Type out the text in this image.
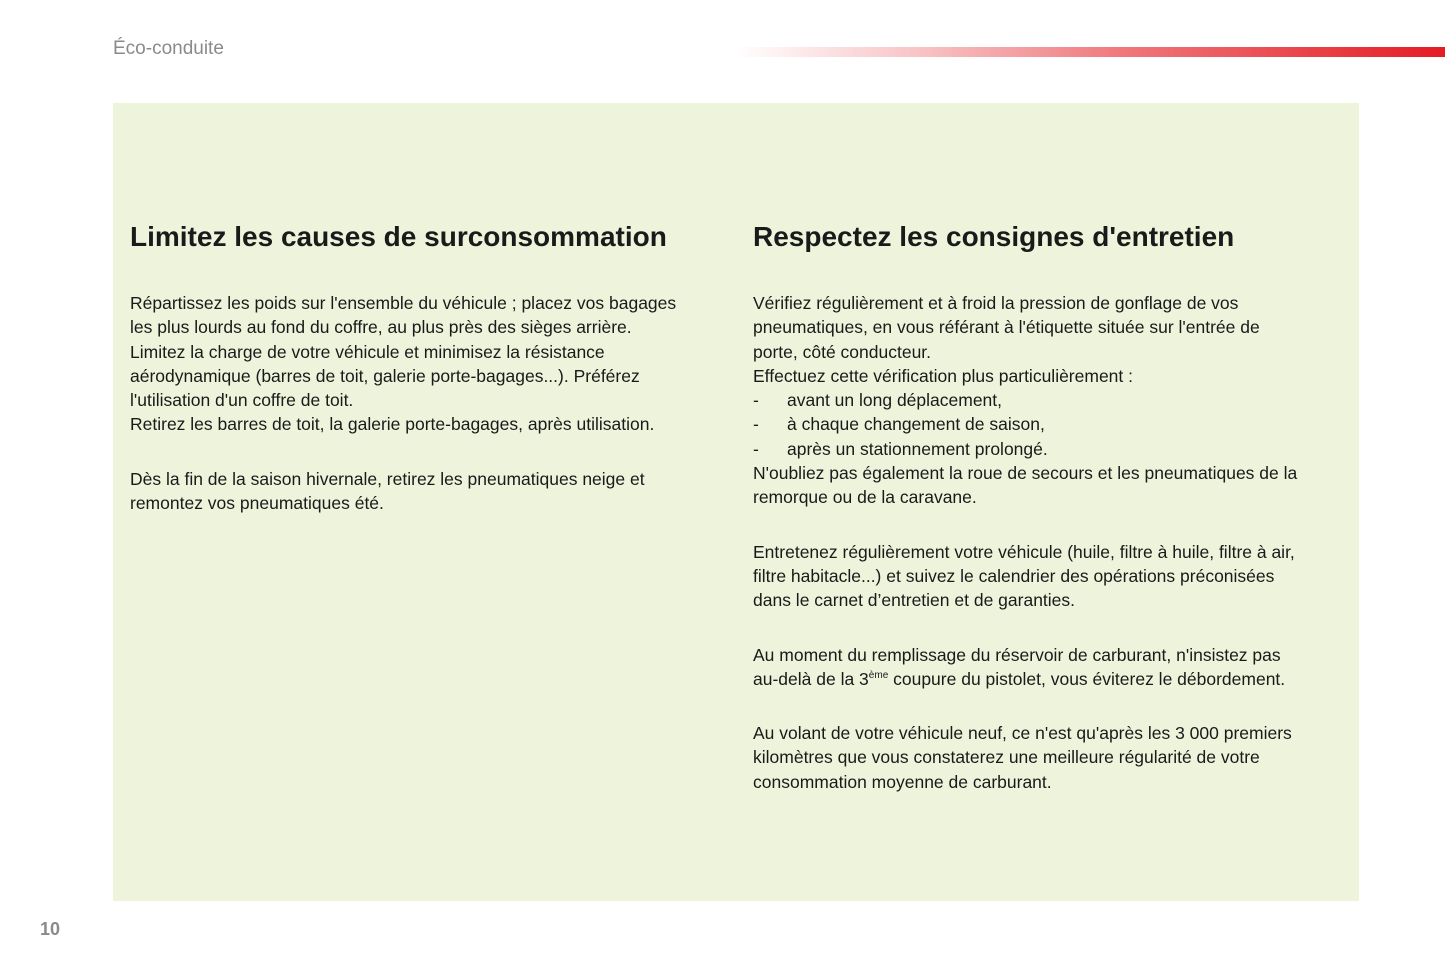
Éco-conduite
Limitez les causes de surconsommation
Répartissez les poids sur l'ensemble du véhicule ; placez vos bagages
les plus lourds au fond du coffre, au plus près des sièges arrière.
Limitez la charge de votre véhicule et minimisez la résistance
aérodynamique (barres de toit, galerie porte-bagages...). Préférez
l'utilisation d'un coffre de toit.
Retirez les barres de toit, la galerie porte-bagages, après utilisation.
Dès la fin de la saison hivernale, retirez les pneumatiques neige et
remontez vos pneumatiques été.
Respectez les consignes d'entretien
Vérifiez régulièrement et à froid la pression de gonflage de vos
pneumatiques, en vous référant à l'étiquette située sur l'entrée de
porte, côté conducteur.
Effectuez cette vérification plus particulièrement :
-	avant un long déplacement,
-	à chaque changement de saison,
-	après un stationnement prolongé.
N'oubliez pas également la roue de secours et les pneumatiques de la
remorque ou de la caravane.
Entretenez régulièrement votre véhicule (huile, filtre à huile, filtre à air,
filtre habitacle...) et suivez le calendrier des opérations préconisées
dans le carnet d’entretien et de garanties.
Au moment du remplissage du réservoir de carburant, n'insistez pas
au-delà de la 3ème coupure du pistolet, vous éviterez le débordement.
Au volant de votre véhicule neuf, ce n'est qu'après les 3 000 premiers
kilomètres que vous constaterez une meilleure régularité de votre
consommation moyenne de carburant.
10
